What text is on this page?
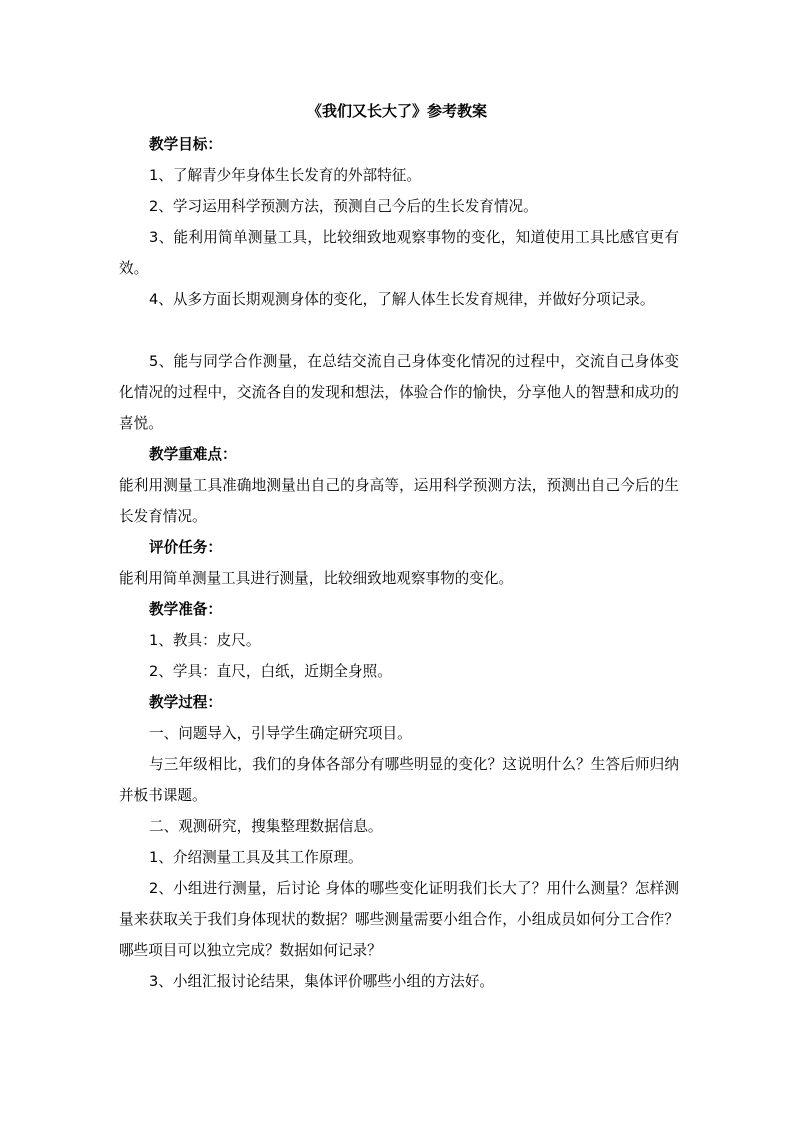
《我们又长大了》参考教案

教学目标：

1、了解青少年身体生长发育的外部特征。

2、学习运用科学预测方法，预测自己今后的生长发育情况。

3、能利用简单测量工具，比较细致地观察事物的变化，知道使用工具比感官更有效。

4、从多方面长期观测身体的变化，了解人体生长发育规律，并做好分项记录。

5、能与同学合作测量，在总结交流自己身体变化情况的过程中，交流自己身体变化情况的过程中，交流各自的发现和想法，体验合作的愉快，分享他人的智慧和成功的喜悦。

教学重难点：

能利用测量工具准确地测量出自己的身高等，运用科学预测方法，预测出自己今后的生长发育情况。

评价任务：

能利用简单测量工具进行测量，比较细致地观察事物的变化。

教学准备：

1、教具：皮尺。

2、学具：直尺，白纸，近期全身照。

教学过程：

一、问题导入，引导学生确定研究项目。

与三年级相比，我们的身体各部分有哪些明显的变化？这说明什么？生答后师归纳并板书课题。

二、观测研究，搜集整理数据信息。

1、介绍测量工具及其工作原理。

2、小组进行测量，后讨论 身体的哪些变化证明我们长大了？用什么测量？怎样测量来获取关于我们身体现状的数据？哪些测量需要小组合作，小组成员如何分工合作？哪些项目可以独立完成？数据如何记录？

3、小组汇报讨论结果，集体评价哪些小组的方法好。
